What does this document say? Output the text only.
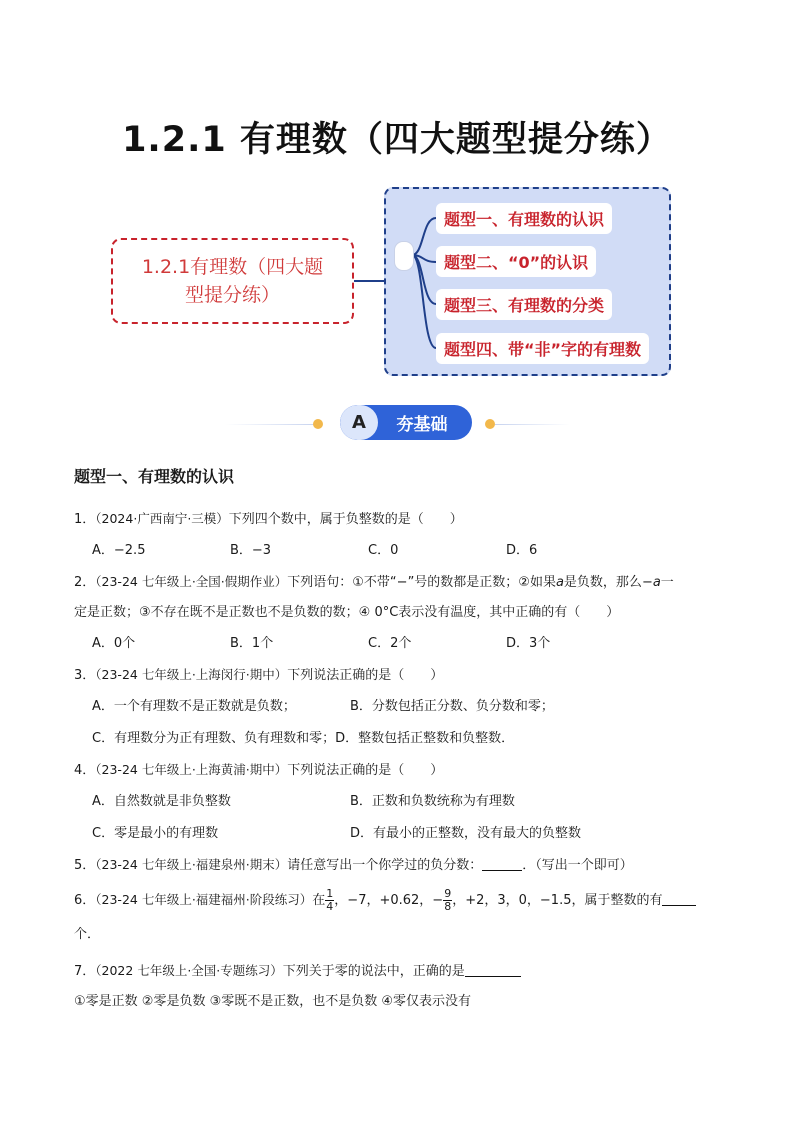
1.2.1 有理数（四大题型提分练）
1.2.1有理数（四大题
型提分练）
题型一、有理数的认识
题型二、“0”的认识
题型三、有理数的分类
题型四、带“非”字的有理数
A	夯基础
题型一、有理数的认识
1．（2024·广西南宁·三模）下列四个数中，属于负整数的是（　　）
A．−2.5	B．−3	C．0	D．6
2．（23-24 七年级上·全国·假期作业）下列语句：①不带“−”号的数都是正数；②如果a是负数，那么−a一
定是正数；③不存在既不是正数也不是负数的数；④ 0°C表示没有温度，其中正确的有（　　）
A．0个	B．1个	C．2个	D．3个
3．（23-24 七年级上·上海闵行·期中）下列说法正确的是（　　）
A．一个有理数不是正数就是负数；	B．分数包括正分数、负分数和零；
C．有理数分为正有理数、负有理数和零；D．整数包括正整数和负整数．
4．（23-24 七年级上·上海黄浦·期中）下列说法正确的是（　　）
A．自然数就是非负整数	B．正数和负数统称为有理数
C．零是最小的有理数	D．有最小的正整数，没有最大的负整数
5．（23-24 七年级上·福建泉州·期末）请任意写出一个你学过的负分数：	．（写出一个即可）
6．（23-24 七年级上·福建福州·阶段练习）在 $\frac{1}{4}$ ，−7，+0.62，− $\frac{9}{8}$ ，+2，3，0，−1.5，属于整数的有
个．
7．（2022 七年级上·全国·专题练习）下列关于零的说法中，正确的是
①零是正数 ②零是负数 ③零既不是正数，也不是负数 ④零仅表示没有
